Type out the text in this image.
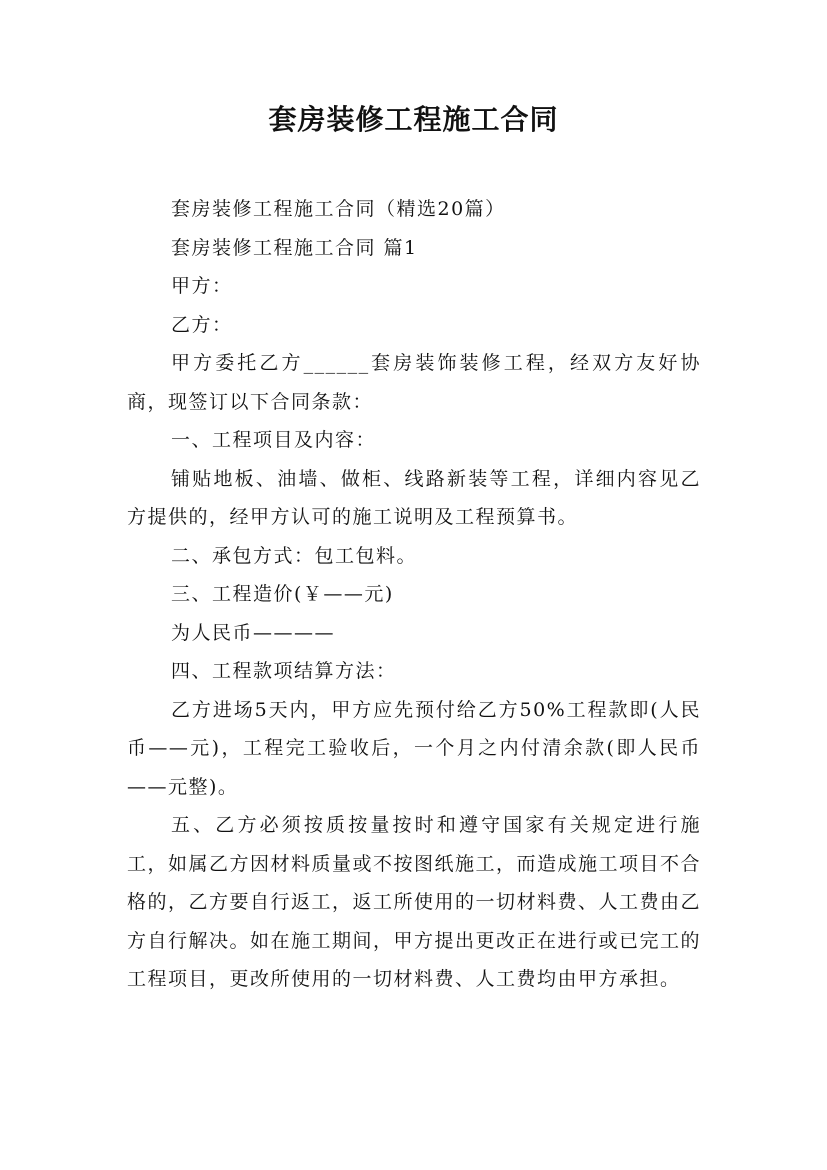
套房装修工程施工合同

套房装修工程施工合同（精选20篇）

套房装修工程施工合同 篇1

甲方：

乙方：

甲方委托乙方______套房装饰装修工程，经双方友好协商，现签订以下合同条款：

一、工程项目及内容：

铺贴地板、油墙、做柜、线路新装等工程，详细内容见乙方提供的，经甲方认可的施工说明及工程预算书。

二、承包方式：包工包料。

三、工程造价(￥——元)

为人民币————

四、工程款项结算方法：

乙方进场5天内，甲方应先预付给乙方50%工程款即(人民币——元)，工程完工验收后，一个月之内付清余款(即人民币——元整)。

五、乙方必须按质按量按时和遵守国家有关规定进行施工，如属乙方因材料质量或不按图纸施工，而造成施工项目不合格的，乙方要自行返工，返工所使用的一切材料费、人工费由乙方自行解决。如在施工期间，甲方提出更改正在进行或已完工的工程项目，更改所使用的一切材料费、人工费均由甲方承担。
